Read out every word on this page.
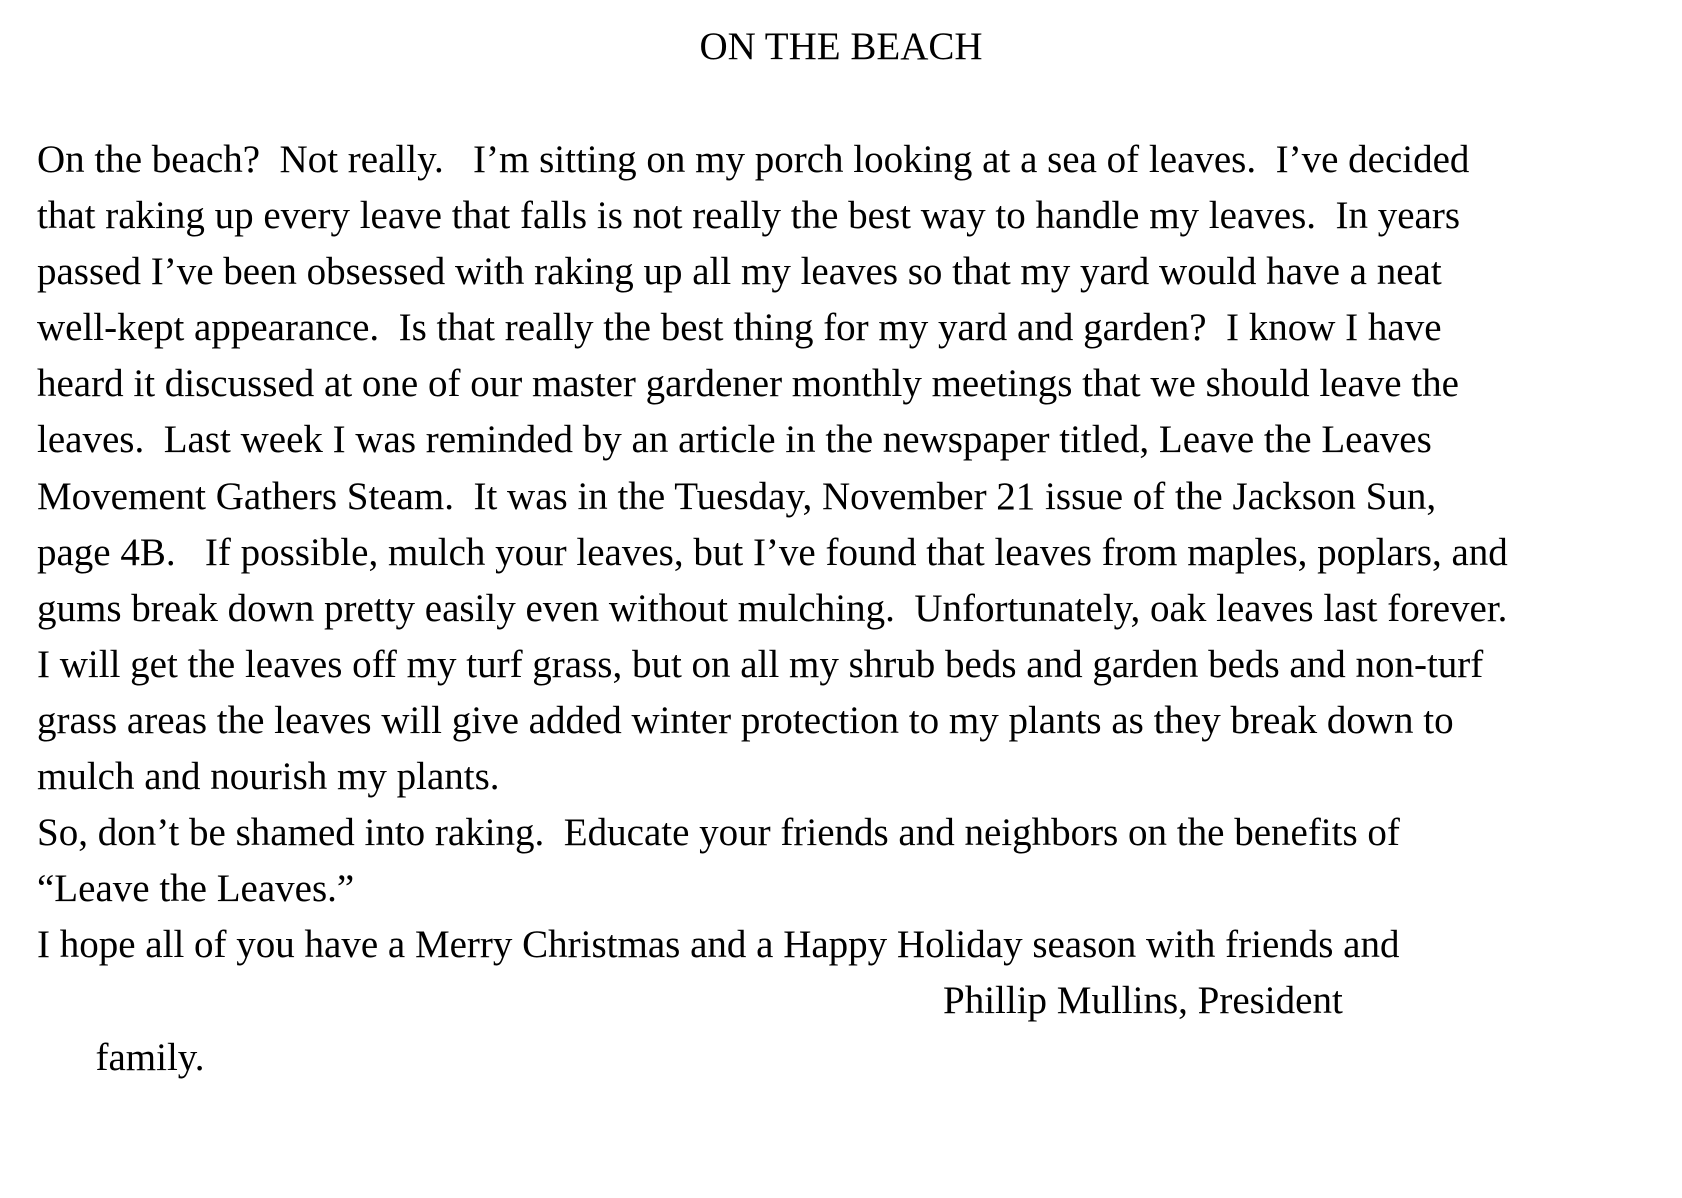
ON THE BEACH
On the beach?  Not really.   I’m sitting on my porch looking at a sea of leaves.  I’ve decided
that raking up every leave that falls is not really the best way to handle my leaves.  In years
passed I’ve been obsessed with raking up all my leaves so that my yard would have a neat
well-kept appearance.  Is that really the best thing for my yard and garden?  I know I have
heard it discussed at one of our master gardener monthly meetings that we should leave the
leaves.  Last week I was reminded by an article in the newspaper titled, Leave the Leaves
Movement Gathers Steam.  It was in the Tuesday, November 21 issue of the Jackson Sun,
page 4B.   If possible, mulch your leaves, but I’ve found that leaves from maples, poplars, and
gums break down pretty easily even without mulching.  Unfortunately, oak leaves last forever.
I will get the leaves off my turf grass, but on all my shrub beds and garden beds and non-turf
grass areas the leaves will give added winter protection to my plants as they break down to
mulch and nourish my plants.
So, don’t be shamed into raking.  Educate your friends and neighbors on the benefits of
“Leave the Leaves.”
I hope all of you have a Merry Christmas and a Happy Holiday season with friends and

family.

Phillip Mullins, President
